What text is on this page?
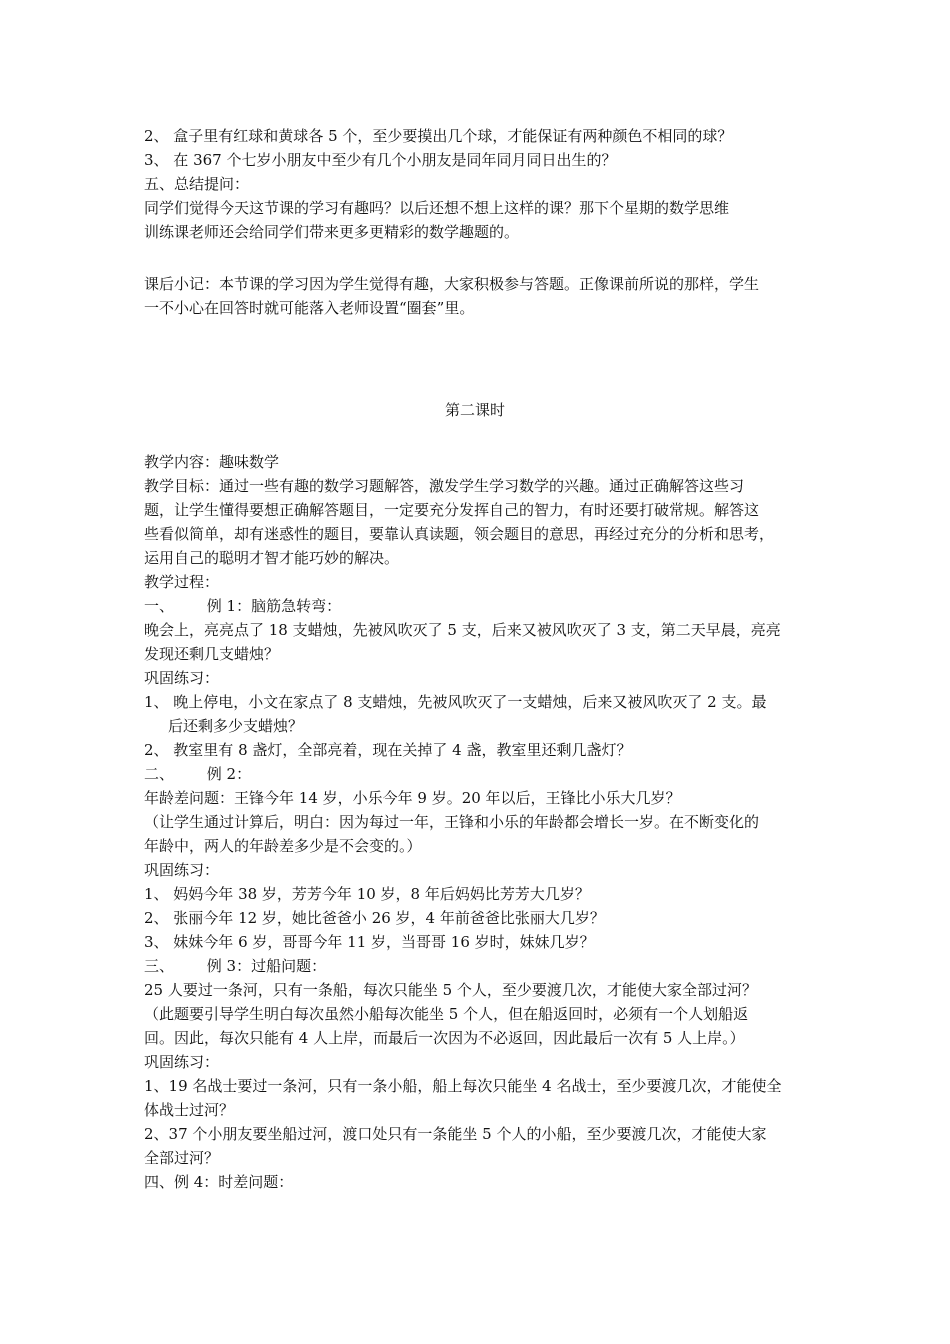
2、 盒子里有红球和黄球各 5 个，至少要摸出几个球，才能保证有两种颜色不相同的球？
3、 在 367 个七岁小朋友中至少有几个小朋友是同年同月同日出生的？
五、总结提问：
同学们觉得今天这节课的学习有趣吗？以后还想不想上这样的课？那下个星期的数学思维
训练课老师还会给同学们带来更多更精彩的数学趣题的。
课后小记：本节课的学习因为学生觉得有趣，大家积极参与答题。正像课前所说的那样，学生
一不小心在回答时就可能落入老师设置“圈套”里。
第二课时
教学内容：趣味数学
教学目标：通过一些有趣的数学习题解答，激发学生学习数学的兴趣。通过正确解答这些习
题，让学生懂得要想正确解答题目，一定要充分发挥自己的智力，有时还要打破常规。解答这
些看似简单，却有迷惑性的题目，要靠认真读题，领会题目的意思，再经过充分的分析和思考，
运用自己的聪明才智才能巧妙的解决。
教学过程：
一、 例 1：脑筋急转弯：
晚会上，亮亮点了 18 支蜡烛，先被风吹灭了 5 支，后来又被风吹灭了 3 支，第二天早晨，亮亮
发现还剩几支蜡烛？
巩固练习：
1、 晚上停电，小文在家点了 8 支蜡烛，先被风吹灭了一支蜡烛，后来又被风吹灭了 2 支。最
后还剩多少支蜡烛？
2、 教室里有 8 盏灯，全部亮着，现在关掉了 4 盏，教室里还剩几盏灯？
二、 例 2：
年龄差问题：王锋今年 14 岁，小乐今年 9 岁。20 年以后，王锋比小乐大几岁？
（让学生通过计算后，明白：因为每过一年，王锋和小乐的年龄都会增长一岁。在不断变化的
年龄中，两人的年龄差多少是不会变的。）
巩固练习：
1、 妈妈今年 38 岁，芳芳今年 10 岁，8 年后妈妈比芳芳大几岁？
2、 张丽今年 12 岁，她比爸爸小 26 岁，4 年前爸爸比张丽大几岁？
3、 妹妹今年 6 岁，哥哥今年 11 岁，当哥哥 16 岁时，妹妹几岁？
三、 例 3：过船问题：
25 人要过一条河，只有一条船，每次只能坐 5 个人，至少要渡几次，才能使大家全部过河？
（此题要引导学生明白每次虽然小船每次能坐 5 个人，但在船返回时，必须有一个人划船返
回。因此，每次只能有 4 人上岸，而最后一次因为不必返回，因此最后一次有 5 人上岸。）
巩固练习：
1、19 名战士要过一条河，只有一条小船，船上每次只能坐 4 名战士，至少要渡几次，才能使全
体战士过河？
2、37 个小朋友要坐船过河，渡口处只有一条能坐 5 个人的小船，至少要渡几次，才能使大家
全部过河？
四、例 4：时差问题：
